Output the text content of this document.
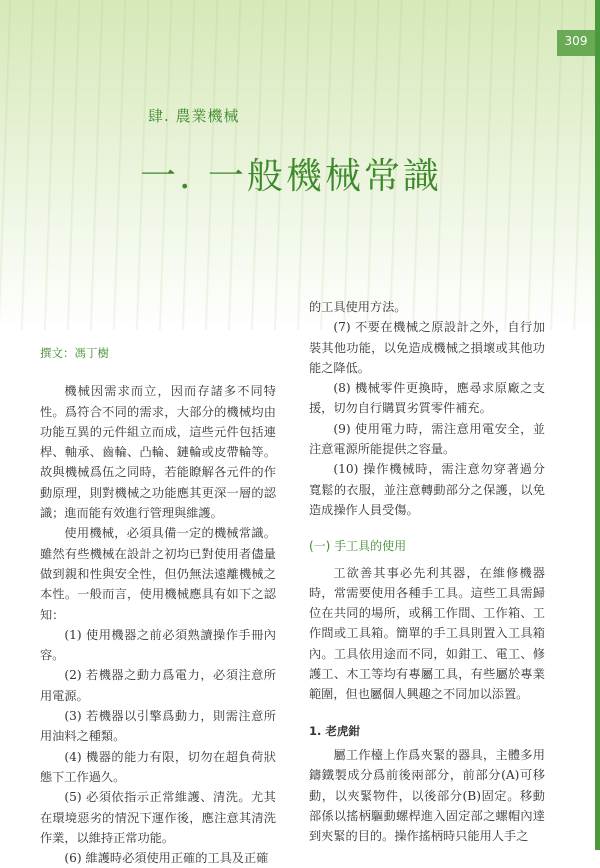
309
肆. 農業機械
一. 一般機械常識

撰文：馮丁樹

機械因需求而立，因而存諸多不同特性。爲符合不同的需求，大部分的機械均由功能互異的元件組立而成，這些元件包括連桿、軸承、齒輪、凸輪、鏈輪或皮帶輪等。故與機械爲伍之同時，若能瞭解各元件的作動原理，則對機械之功能應其更深一層的認識；進而能有效進行管理與維護。

使用機械，必須具備一定的機械常識。雖然有些機械在設計之初均已對使用者儘量做到親和性與安全性，但仍無法遠離機械之本性。一般而言，使用機械應具有如下之認知：

(1) 使用機器之前必須熟讀操作手冊內容。

(2) 若機器之動力爲電力，必須注意所用電源。

(3) 若機器以引擎爲動力，則需注意所用油料之種類。

(4) 機器的能力有限，切勿在超負荷狀態下工作過久。

(5) 必須依指示正常維護、清洗。尤其在環境惡劣的情況下運作後，應注意其清洗作業，以維持正常功能。

(6) 維護時必須使用正確的工具及正確

的工具使用方法。

(7) 不要在機械之原設計之外，自行加裝其他功能，以免造成機械之損壞或其他功能之降低。

(8) 機械零件更換時，應尋求原廠之支援，切勿自行購買劣質零件補充。

(9) 使用電力時，需注意用電安全，並注意電源所能提供之容量。

(10) 操作機械時，需注意勿穿著過分寬鬆的衣服，並注意轉動部分之保護，以免造成操作人員受傷。

(一) 手工具的使用

工欲善其事必先利其器，在維修機器時，常需要使用各種手工具。這些工具需歸位在共同的場所，或稱工作間、工作箱、工作間或工具箱。簡單的手工具則置入工具箱內。工具依用途而不同，如鉗工、電工、修護工、木工等均有專屬工具，有些屬於專業範圍，但也屬個人興趣之不同加以添置。

1. 老虎鉗

屬工作檯上作爲夾緊的器具，主體多用鑄鐵製成分爲前後兩部分，前部分(A)可移動，以夾緊物件，以後部分(B)固定。移動部係以搖柄驅動螺桿進入固定部之螺帽內達到夾緊的目的。操作搖柄時只能用人手之
